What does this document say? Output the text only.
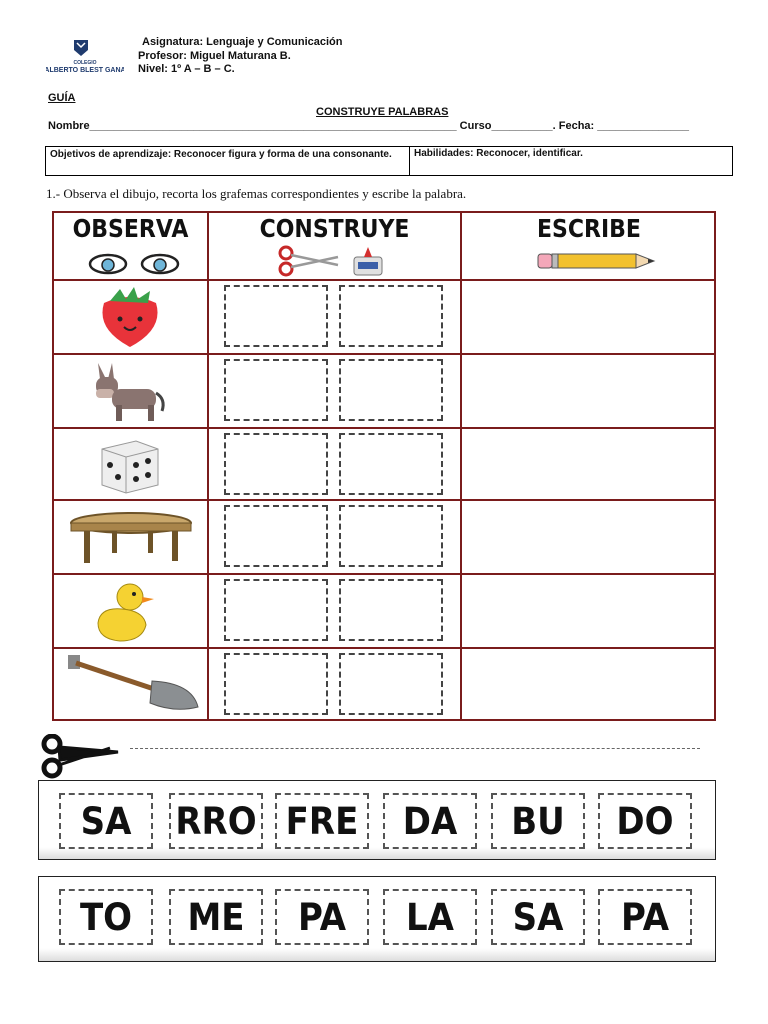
COLEGIO
ALBERTO BLEST GANA
Asignatura: Lenguaje y Comunicación
Profesor: Miguel Maturana B.
Nivel: 1º A – B – C.
GUÍA
CONSTRUYE PALABRAS
Nombre____________________________________________________________ Curso__________. Fecha: _______________
Objetivos de aprendizaje: Reconocer figura y forma de una consonante.	Habilidades: Reconocer, identificar.
1.- Observa el dibujo, recorta los grafemas correspondientes y escribe la palabra.
OBSERVA	CONSTRUYE	ESCRIBE
SA	RRO FRE	DA	BU	DO
TO	ME	PA	LA	SA	PA
